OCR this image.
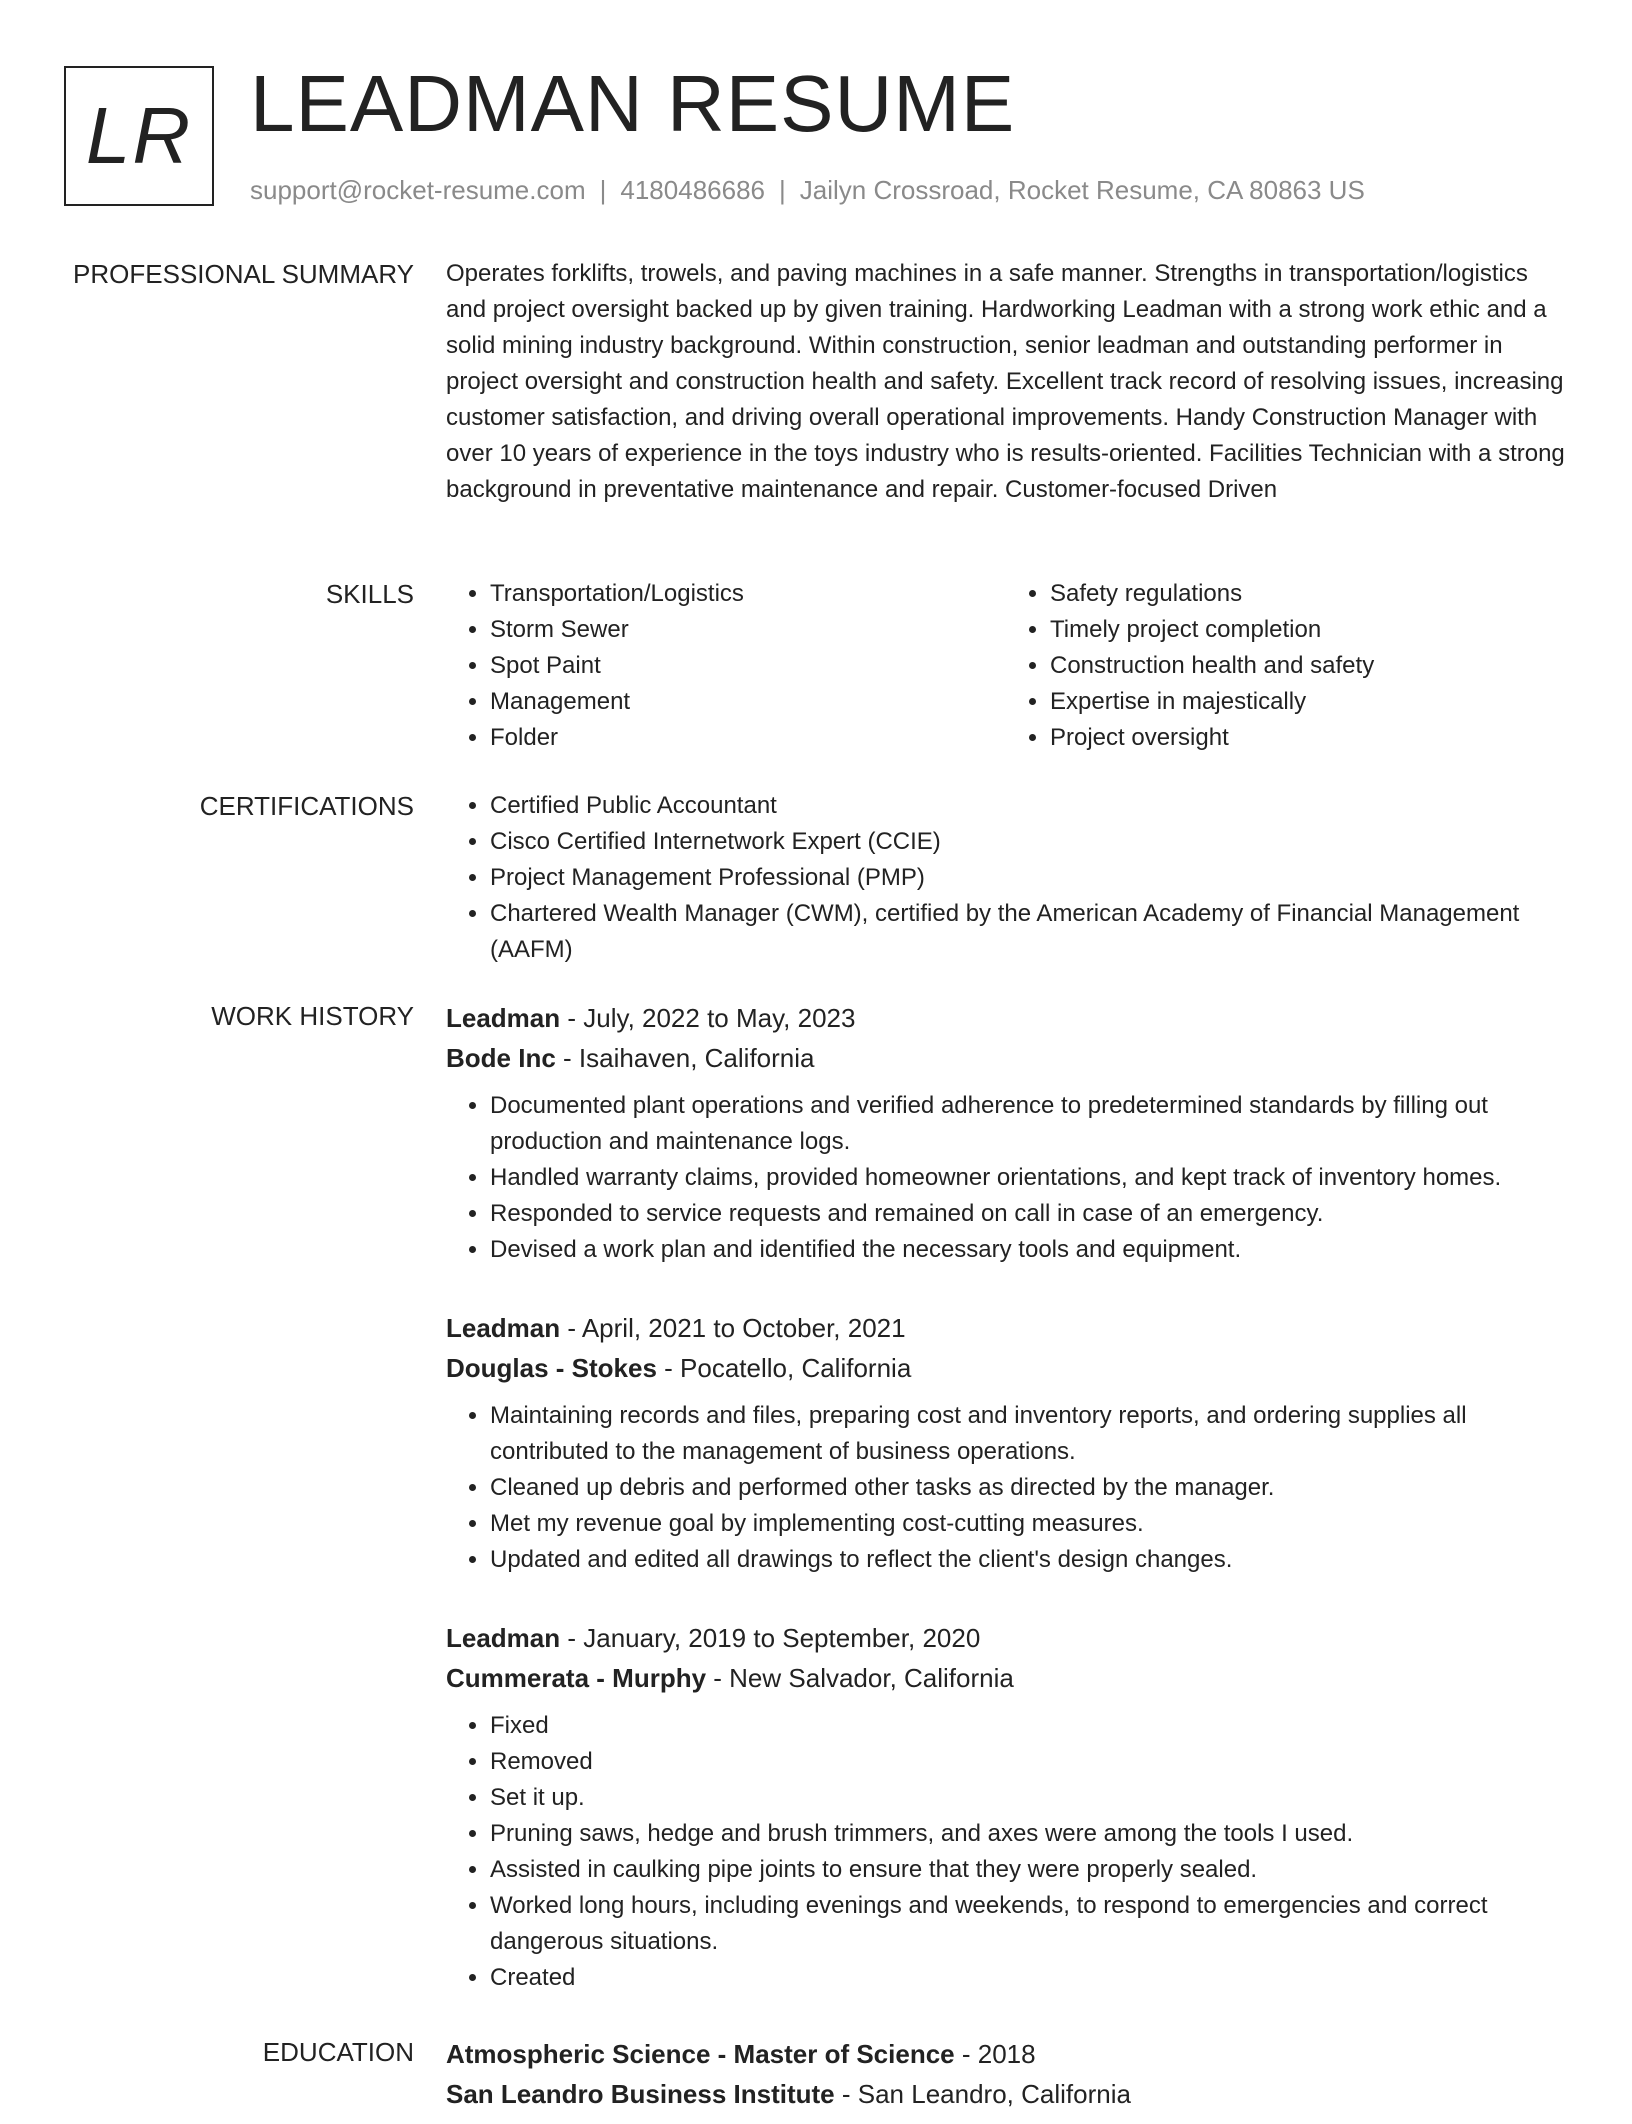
LR LEADMAN RESUME
support@rocket-resume.com | 4180486686 | Jailyn Crossroad, Rocket Resume, CA 80863 US
PROFESSIONAL SUMMARY Operates forklifts, trowels, and paving machines in a safe manner. Strengths in transportation/logistics and project oversight backed up by given training. Hardworking Leadman with a strong work ethic and a solid mining industry background. Within construction, senior leadman and outstanding performer in project oversight and construction health and safety. Excellent track record of resolving issues, increasing customer satisfaction, and driving overall operational improvements. Handy Construction Manager with over 10 years of experience in the toys industry who is results-oriented. Facilities Technician with a strong background in preventative maintenance and repair. Customer-focused Driven

SKILLS	• Transportation/Logistics
• Storm Sewer
• Spot Paint
• Management
• Folder
• Safety regulations
• Timely project completion
• Construction health and safety
• Expertise in majestically
• Project oversight
CERTIFICATIONS	• Certified Public Accountant
• Cisco Certified Internetwork Expert (CCIE)
• Project Management Professional (PMP)
• Chartered Wealth Manager (CWM), certified by the American Academy of Financial Management (AAFM)
WORK HISTORY Leadman - July, 2022 to May, 2023
Bode Inc - Isaihaven, California
• Documented plant operations and verified adherence to predetermined standards by filling out production and maintenance logs.
• Handled warranty claims, provided homeowner orientations, and kept track of inventory homes.
• Responded to service requests and remained on call in case of an emergency.
• Devised a work plan and identified the necessary tools and equipment.
Leadman - April, 2021 to October, 2021
Douglas - Stokes - Pocatello, California
• Maintaining records and files, preparing cost and inventory reports, and ordering supplies all contributed to the management of business operations.
• Cleaned up debris and performed other tasks as directed by the manager.
• Met my revenue goal by implementing cost-cutting measures.
• Updated and edited all drawings to reflect the client's design changes.
Leadman - January, 2019 to September, 2020
Cummerata - Murphy - New Salvador, California
• Fixed
• Removed
• Set it up.
• Pruning saws, hedge and brush trimmers, and axes were among the tools I used.
• Assisted in caulking pipe joints to ensure that they were properly sealed.
• Worked long hours, including evenings and weekends, to respond to emergencies and correct dangerous situations.
• Created
EDUCATION Atmospheric Science - Master of Science - 2018
San Leandro Business Institute - San Leandro, California
